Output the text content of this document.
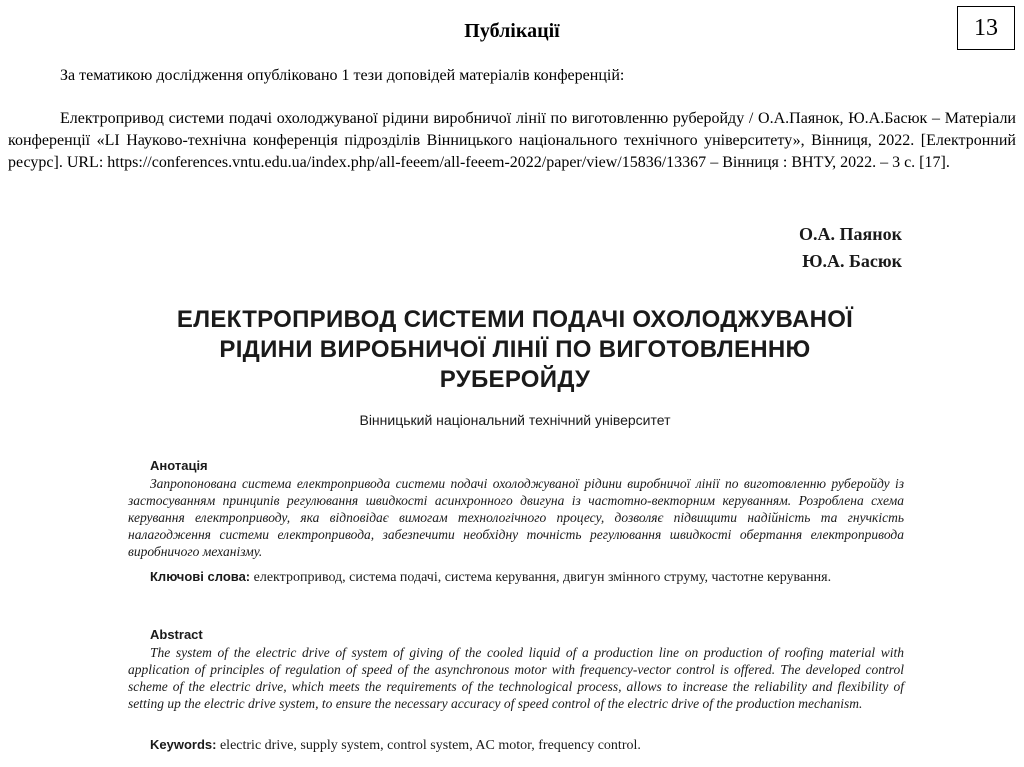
Публікації	13
За тематикою дослідження опубліковано 1 тези доповідей матеріалів конференцій:

Електропривод системи подачі охолоджуваної рідини виробничої лінії по виготовленню руберойду / О.А.Паянок, Ю.А.Басюк – Матеріали конференції «LI Науково-технічна конференція підрозділів Вінницького національного технічного університету», Вінниця, 2022. [Електронний ресурс]. URL: https://conferences.vntu.edu.ua/index.php/all-feeem/all-feeem-2022/paper/view/15836/13367 – Вінниця : ВНТУ, 2022. – 3 с. [17].

О.А. Паянок
Ю.А. Басюк
ЕЛЕКТРОПРИВОД СИСТЕМИ ПОДАЧІ ОХОЛОДЖУВАНОЇ
РІДИНИ ВИРОБНИЧОЇ ЛІНІЇ ПО ВИГОТОВЛЕННЮ
РУБЕРОЙДУ
Вінницький національний технічний університет
Анотація

Запропонована система електропривода системи подачі охолоджуваної рідини виробничої лінії по виготовленню руберойду із застосуванням принципів регулювання швидкості асинхронного двигуна із частотно-векторним керуванням. Розроблена схема керування електроприводу, яка відповідає вимогам технологічного процесу, дозволяє підвищити надійність та гнучкість налагодження системи електропривода, забезпечити необхідну точність регулювання швидкості обертання електропривода виробничого механізму.

Ключові слова: електропривод, система подачі, система керування, двигун змінного струму, частотне керування.

Abstract

The system of the electric drive of system of giving of the cooled liquid of a production line on production of roofing material with application of principles of regulation of speed of the asynchronous motor with frequency-vector control is offered. The developed control scheme of the electric drive, which meets the requirements of the technological process, allows to increase the reliability and flexibility of setting up the electric drive system, to ensure the necessary accuracy of speed control of the electric drive of the production mechanism.

Keywords: electric drive, supply system, control system, AC motor, frequency control.
